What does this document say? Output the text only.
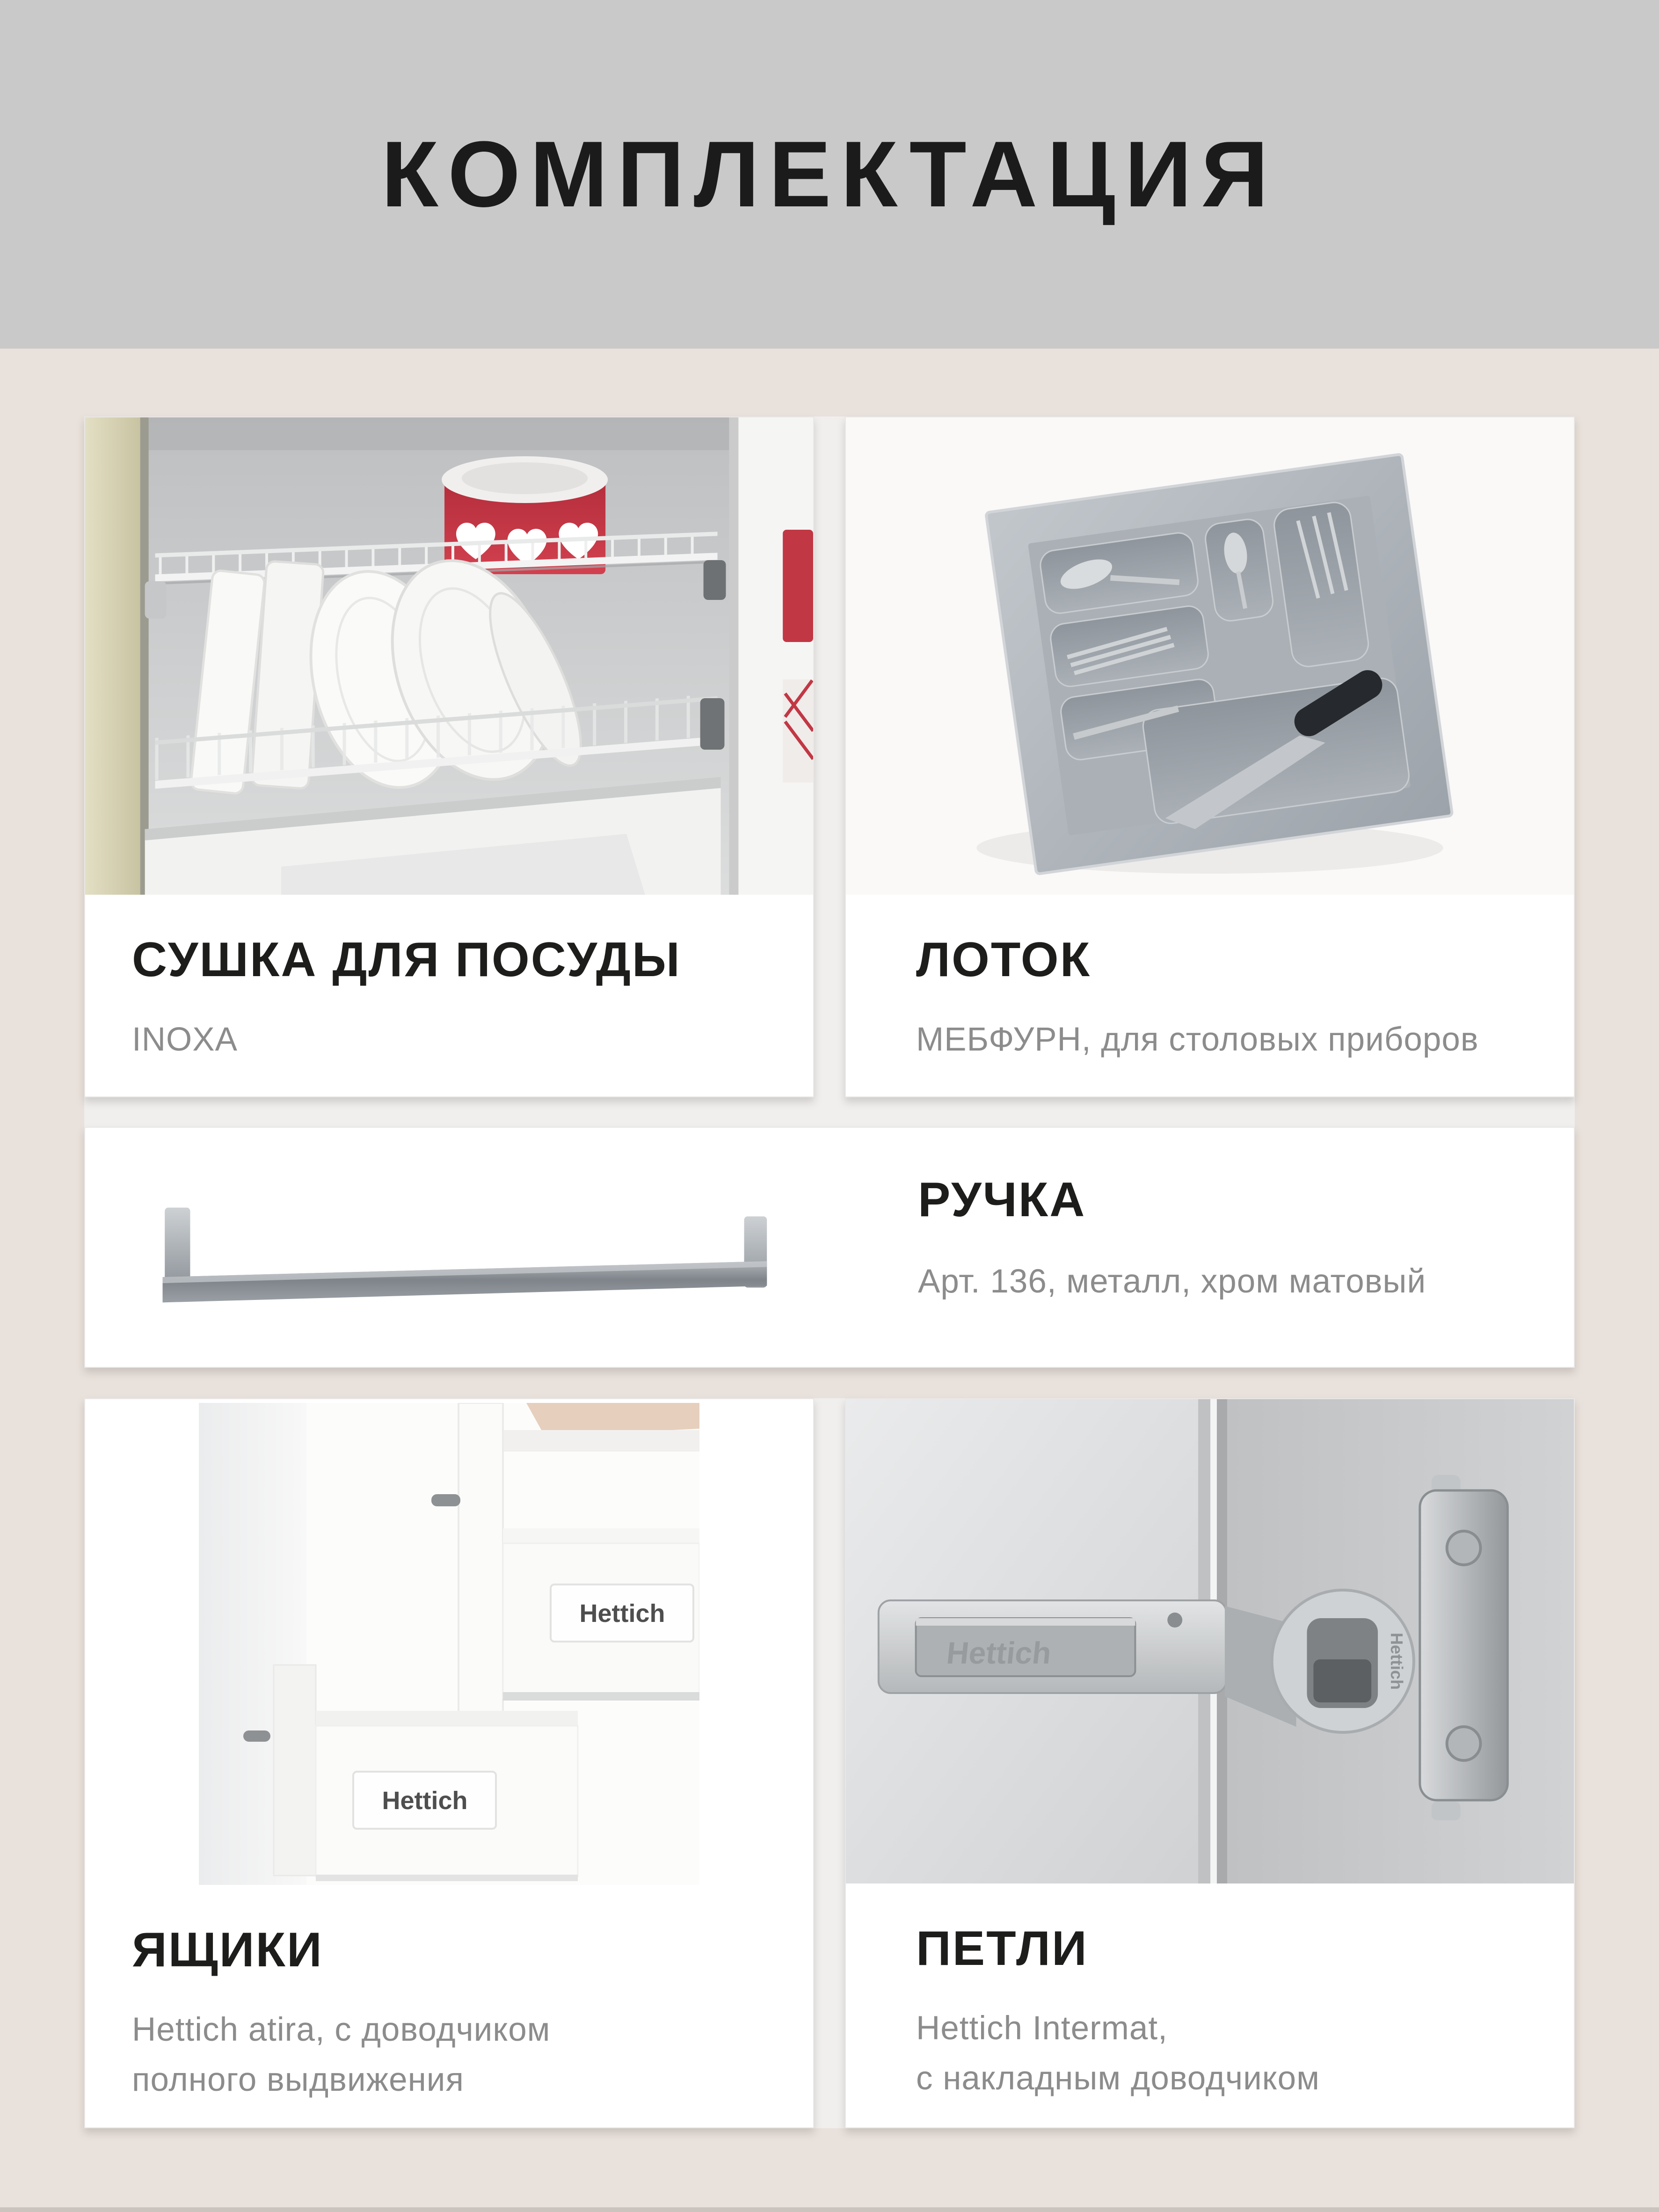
КОМПЛЕКТАЦИЯ
СУШКА ДЛЯ ПОСУДЫ
INOXA
ЛОТОК
МЕБФУРН, для столовых приборов
РУЧКА
Арт. 136, металл, хром матовый
Hettich
Hettich
ЯЩИКИ
Hettich atira, с доводчиком
полного выдвижения
Hettich	Hettich
ПЕТЛИ
Hettich Intermat,
с накладным доводчиком
